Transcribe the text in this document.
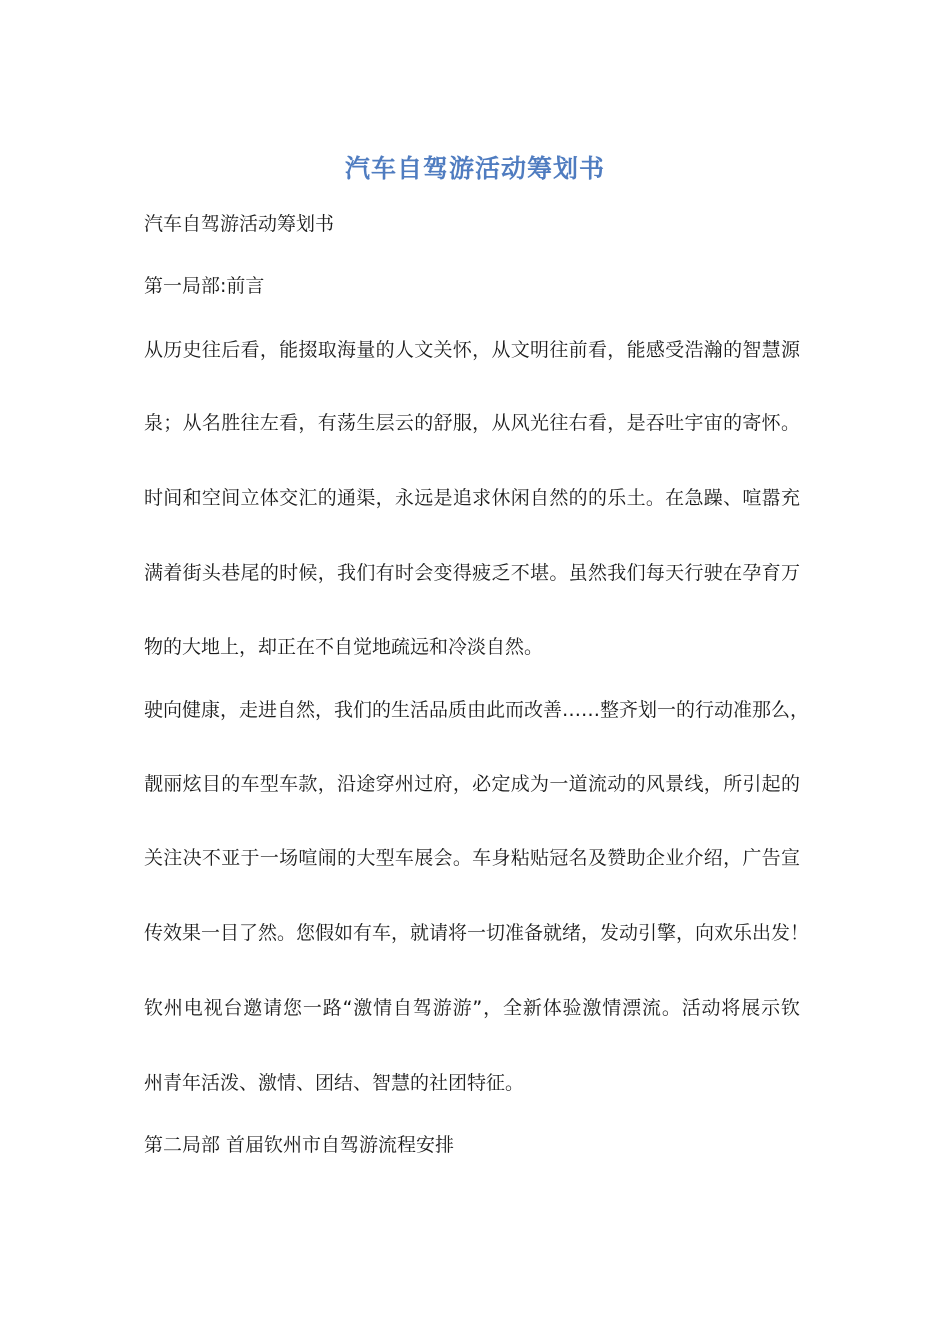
汽车自驾游活动筹划书
汽车自驾游活动筹划书
第一局部:前言
从历史往后看，能掇取海量的人文关怀，从文明往前看，能感受浩瀚的智慧源
泉；从名胜往左看，有荡生层云的舒服，从风光往右看，是吞吐宇宙的寄怀。
时间和空间立体交汇的通渠，永远是追求休闲自然的的乐土。在急躁、喧嚣充
满着街头巷尾的时候，我们有时会变得疲乏不堪。虽然我们每天行驶在孕育万
物的大地上，却正在不自觉地疏远和冷淡自然。
驶向健康，走进自然，我们的生活品质由此而改善……整齐划一的行动准那么，
靓丽炫目的车型车款，沿途穿州过府，必定成为一道流动的风景线，所引起的
关注决不亚于一场喧闹的大型车展会。车身粘贴冠名及赞助企业介绍，广告宣
传效果一目了然。您假如有车，就请将一切准备就绪，发动引擎，向欢乐出发！
钦州电视台邀请您一路“激情自驾游游”，全新体验激情漂流。活动将展示钦
州青年活泼、激情、团结、智慧的社团特征。
第二局部 首届钦州市自驾游流程安排
